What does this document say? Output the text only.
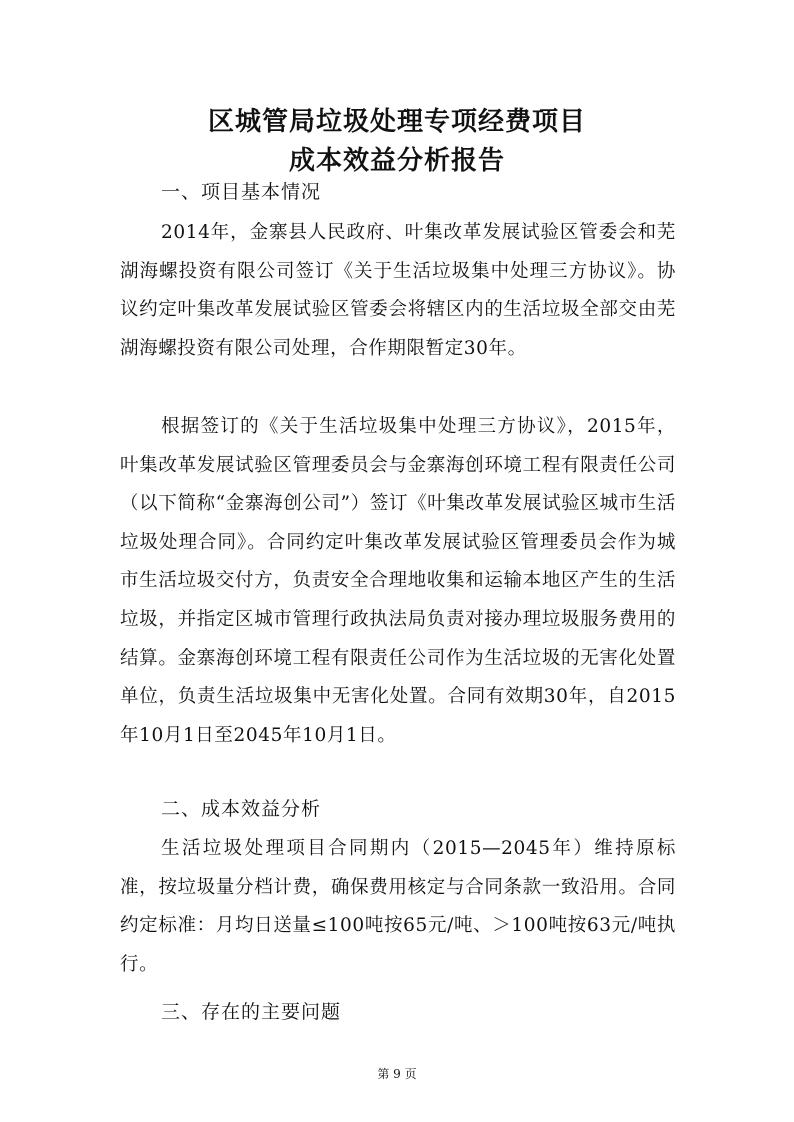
区城管局垃圾处理专项经费项目
成本效益分析报告
一、项目基本情况

2014年，金寨县人民政府、叶集改革发展试验区管委会和芜湖海螺投资有限公司签订《关于生活垃圾集中处理三方协议》。协议约定叶集改革发展试验区管委会将辖区内的生活垃圾全部交由芜湖海螺投资有限公司处理，合作期限暂定30年。

根据签订的《关于生活垃圾集中处理三方协议》，2015年，叶集改革发展试验区管理委员会与金寨海创环境工程有限责任公司（以下简称“金寨海创公司”）签订《叶集改革发展试验区城市生活垃圾处理合同》。合同约定叶集改革发展试验区管理委员会作为城市生活垃圾交付方，负责安全合理地收集和运输本地区产生的生活垃圾，并指定区城市管理行政执法局负责对接办理垃圾服务费用的结算。金寨海创环境工程有限责任公司作为生活垃圾的无害化处置单位，负责生活垃圾集中无害化处置。合同有效期30年，自2015年10月1日至2045年10月1日。

二、成本效益分析

生活垃圾处理项目合同期内（2015—2045年）维持原标准，按垃圾量分档计费，确保费用核定与合同条款一致沿用。合同约定标准：月均日送量≤100吨按65元/吨、＞100吨按63元/吨执行。

三、存在的主要问题
第 9 页
